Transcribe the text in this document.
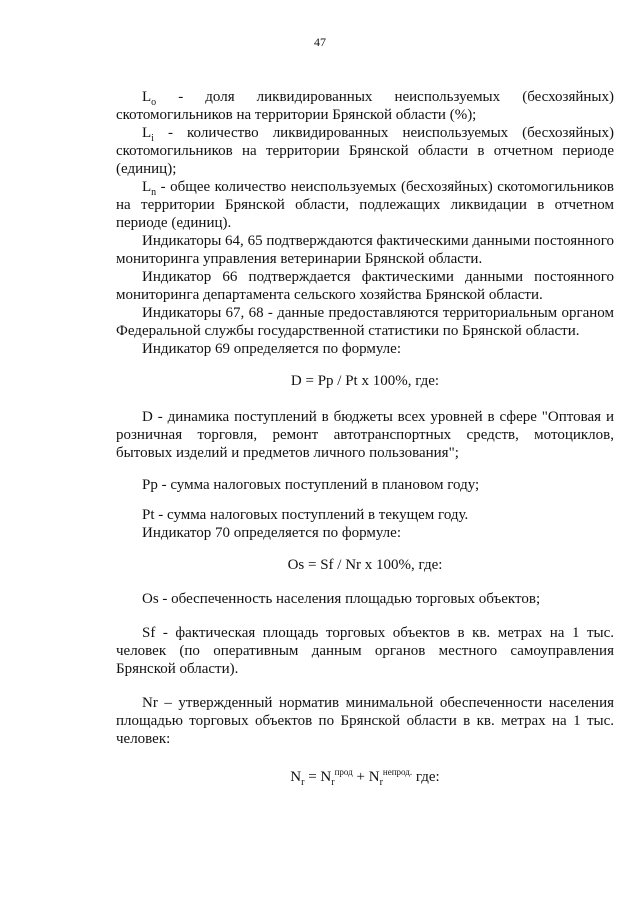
47

$L_o$ - доля ликвидированных неиспользуемых (бесхозяйных) скотомогильников на территории Брянской области (%);

$L_i$ - количество ликвидированных неиспользуемых (бесхозяйных) скотомогильников на территории Брянской области в отчетном периоде (единиц);

$L_n$ - общее количество неиспользуемых (бесхозяйных) скотомогильников на территории Брянской области, подлежащих ликвидации в отчетном периоде (единиц).

Индикаторы 64, 65 подтверждаются фактическими данными постоянного мониторинга управления ветеринарии Брянской области.

Индикатор 66 подтверждается фактическими данными постоянного мониторинга департамента сельского хозяйства Брянской области.

Индикаторы 67, 68 - данные предоставляются территориальным органом Федеральной службы государственной статистики по Брянской области.

Индикатор 69 определяется по формуле:

D = Pp / Pt x 100%, где:

D - динамика поступлений в бюджеты всех уровней в сфере "Оптовая и розничная торговля, ремонт автотранспортных средств, мотоциклов, бытовых изделий и предметов личного пользования";

Pp - сумма налоговых поступлений в плановом году;

Pt - сумма налоговых поступлений в текущем году.

Индикатор 70 определяется по формуле:

Os = Sf / Nr x 100%, где:

Os - обеспеченность населения площадью торговых объектов;

Sf - фактическая площадь торговых объектов в кв. метрах на 1 тыс. человек (по оперативным данным органов местного самоуправления Брянской области).

Nr – утвержденный норматив минимальной обеспеченности населения площадью торговых объектов по Брянской области в кв. метрах на 1 тыс. человек:

$N_r = N_r^{прод} + N_r^{непрод.}$ где:
